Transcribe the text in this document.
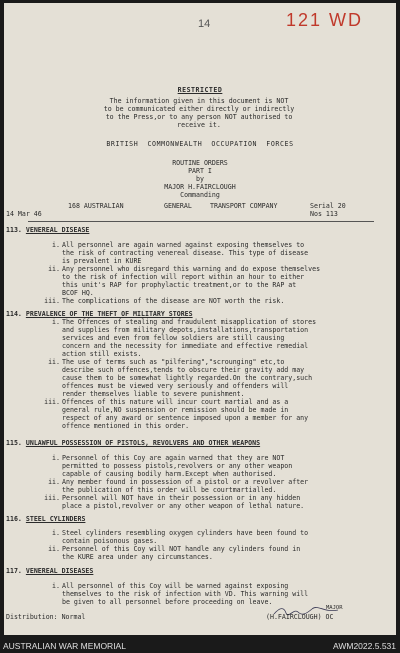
14	121 WD
RESTRICTED
The information given in this document is NOT
to be communicated either directly or indirectly
to the Press,or to any person NOT authorised to
receive it.
BRITISH  COMMONWEALTH  OCCUPATION  FORCES
ROUTINE ORDERS
PART I
by
MAJOR H.FAIRCLOUGH
Commanding
14 Mar 46
168 AUSTRALIAN	GENERAL	TRANSPORT COMPANY	Serial 20
Nos 113
113. VENEREAL DISEASE
i. All personnel are again warned against exposing themselves to
the risk of contracting venereal disease. This type of disease
is prevalent in KURE
ii. Any personnel who disregard this warning and do expose themselves
to the risk of infection will report within an hour to either
this unit's RAP for prophylactic treatment,or to the RAP at
BCOF HQ.
iii. The complications of the disease are NOT worth the risk.
114. PREVALENCE OF THE THEFT OF MILITARY STORES
i. The Offences of stealing and fraudulent misapplication of stores
and supplies from military depots,installations,transportation
services and even from fellow soldiers are still causing
concern and the necessity for immediate and effective remedial
action still exists.
ii. The use of terms such as "pilfering","scrounging" etc,to
describe such offences,tends to obscure their gravity add may
cause them to be somewhat lightly regarded.On the contrary,such
offences must be viewed very seriously and offenders will
render themselves liable to severe punishment.
iii. Offences of this nature will incur court martial and as a
general rule,NO suspension or remission should be made in
respect of any award or sentence imposed upon a member for any
offence mentioned in this order.
115. UNLAWFUL POSSESSION OF PISTOLS, REVOLVERS AND OTHER WEAPONS
i. Personnel of this Coy are again warned that they are NOT
permitted to possess pistols,revolvers or any other weapon
capable of causing bodily harm.Except when authorised.
ii. Any member found in possession of a pistol or a revolver after
the publication of this order will be courtmartialled.
iii. Personnel will NOT have in their possession or in any hidden
place a pistol,revolver or any other weapon of lethal nature.
116. STEEL CYLINDERS
i. Steel cylinders resembling oxygen cylinders have been found to
contain poisonous gases.
ii. Personnel of this Coy will NOT handle any cylinders found in
the KURE area under any circumstances.
117. VENEREAL DISEASES
i. All personnel of this Coy will be warned against exposing
themselves to the risk of infection with VD. This warning will
be given to all personnel before proceeding on leave.
MAJOR
Distribution: Normal	(H.FAIRCLOUGH) OC
AUSTRALIAN WAR MEMORIAL	AWM2022.5.531
